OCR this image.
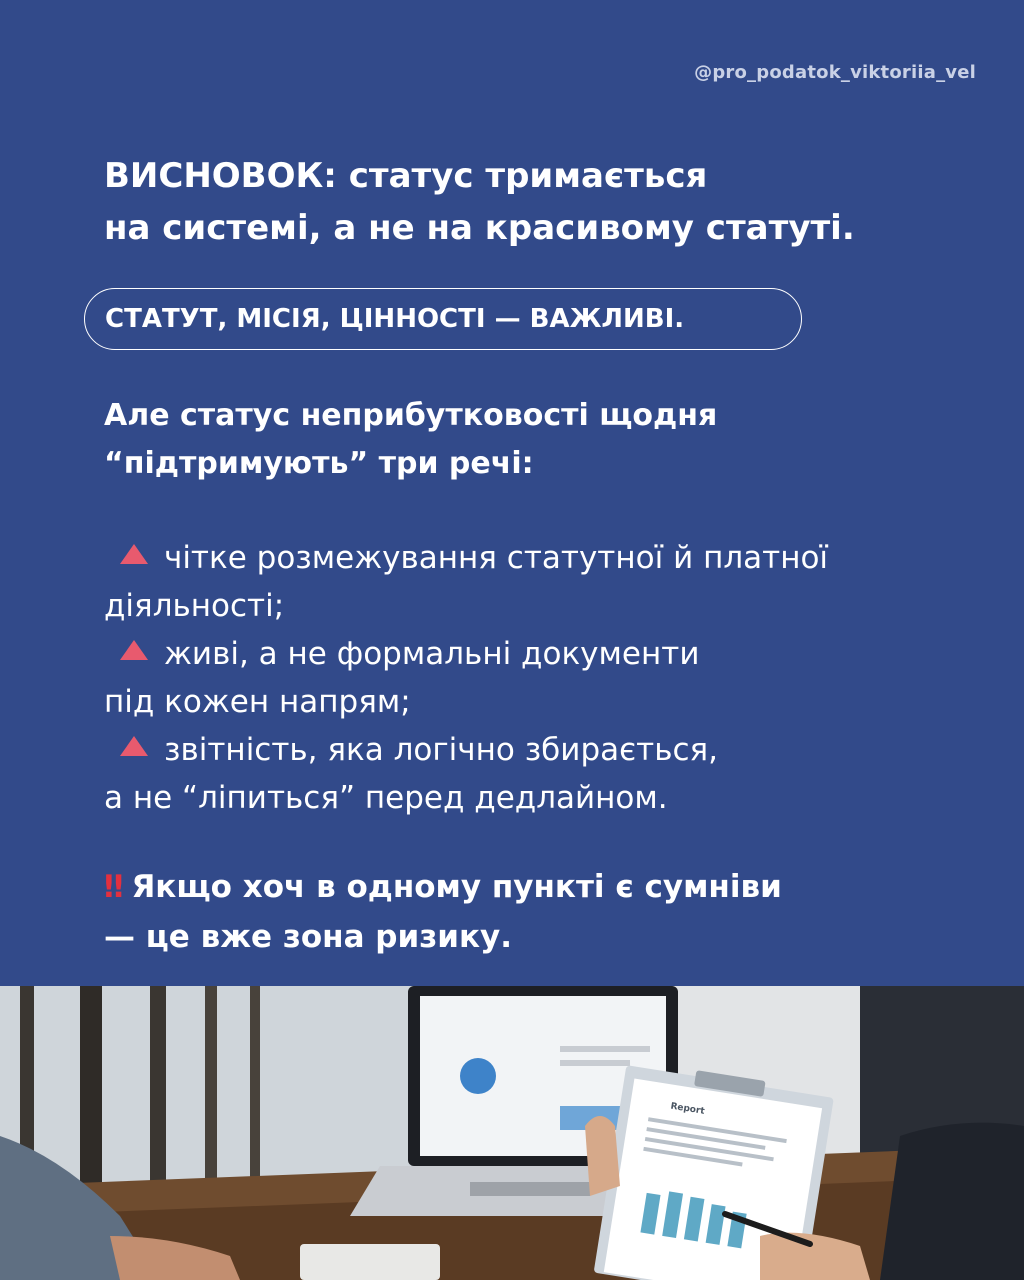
@pro_podatok_viktoriia_vel
ВИСНОВОК: статус тримається
на системі, а не на красивому статуті.
СТАТУТ, МІСІЯ, ЦІННОСТІ — ВАЖЛИВІ.
Але статус неприбутковості щодня
“підтримують” три речі:
чітке розмежування статутної й платної
діяльності;
живі, а не формальні документи
під кожен напрям;
звітність, яка логічно збирається,
а не “ліпиться” перед дедлайном.
‼ Якщо хоч в одному пункті є сумніви
— це вже зона ризику.
Report
